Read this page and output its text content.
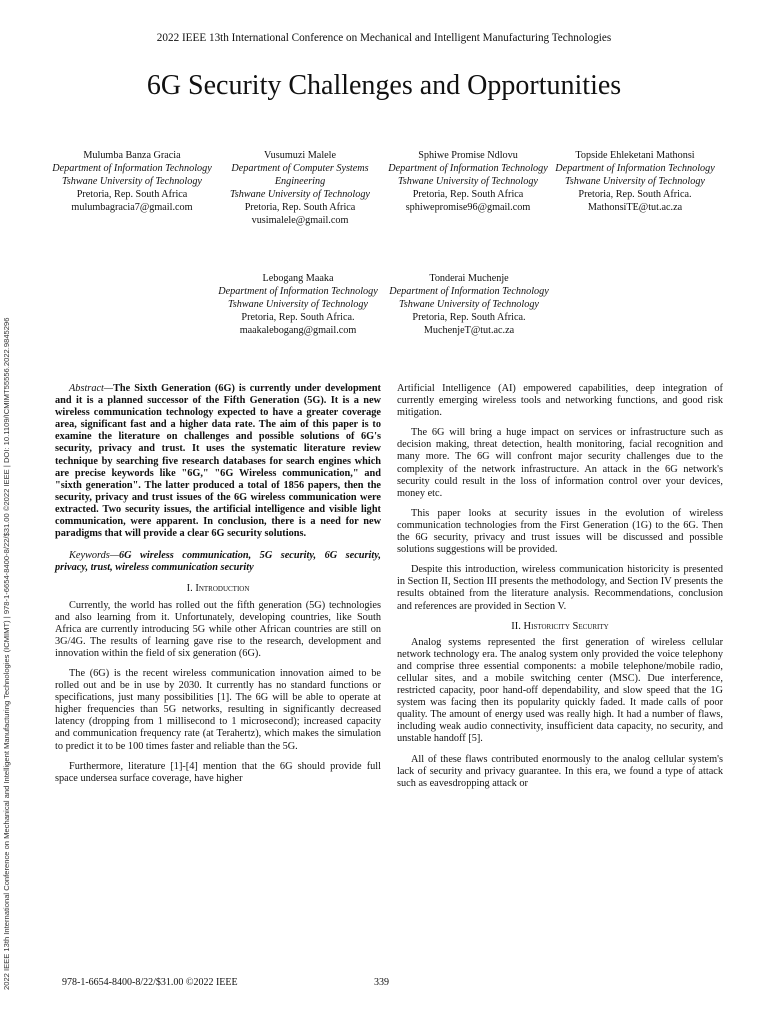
2022 IEEE 13th International Conference on Mechanical and Intelligent Manufacturing Technologies (ICMIMT) | 978-1-6654-8400-8/22/$31.00 ©2022 IEEE | DOI: 10.1109/ICMIMT55556.2022.9845296
2022 IEEE 13th International Conference on Mechanical and Intelligent Manufacturing Technologies
6G Security Challenges and Opportunities
Mulumba Banza Gracia
Department of Information Technology
Tshwane University of Technology
Pretoria, Rep. South Africa
mulumbagracia7@gmail.com
Vusumuzi Malele
Department of Computer Systems Engineering
Tshwane University of Technology
Pretoria, Rep. South Africa
vusimalele@gmail.com
Sphiwe Promise Ndlovu
Department of Information Technology
Tshwane University of Technology
Pretoria, Rep. South Africa
sphiwepromise96@gmail.com
Topside Ehleketani Mathonsi
Department of Information Technology
Tshwane University of Technology
Pretoria, Rep. South Africa.
MathonsiTE@tut.ac.za
Lebogang Maaka
Department of Information Technology
Tshwane University of Technology
Pretoria, Rep. South Africa.
maakalebogang@gmail.com
Tonderai Muchenje
Department of Information Technology
Tshwane University of Technology
Pretoria, Rep. South Africa.
MuchenjeT@tut.ac.za

Abstract—The Sixth Generation (6G) is currently under development and it is a planned successor of the Fifth Generation (5G). It is a new wireless communication technology expected to have a greater coverage area, significant fast and a higher data rate. The aim of this paper is to examine the literature on challenges and possible solutions of 6G's security, privacy and trust. It uses the systematic literature review technique by searching five research databases for search engines which are precise keywords like "6G," "6G Wireless communication," and "sixth generation". The latter produced a total of 1856 papers, then the security, privacy and trust issues of the 6G wireless communication were extracted. Two security issues, the artificial intelligence and visible light communication, were apparent. In conclusion, there is a need for new paradigms that will provide a clear 6G security solutions.

Keywords—6G wireless communication, 5G security, 6G security, privacy, trust, wireless communication security

I. Introduction

Currently, the world has rolled out the fifth generation (5G) technologies and also learning from it. Unfortunately, developing countries, like South Africa are currently introducing 5G while other African countries are still on 3G/4G. The results of learning gave rise to the research, development and innovation within the field of six generation (6G).

The (6G) is the recent wireless communication innovation aimed to be rolled out and be in use by 2030. It currently has no standard functions or specifications, just many possibilities [1]. The 6G will be able to operate at higher frequencies than 5G networks, resulting in significantly decreased latency (dropping from 1 millisecond to 1 microsecond); increased capacity and communication frequency rate (at Terahertz), which makes the simulation to predict it to be 100 times faster and reliable than the 5G.

Furthermore, literature [1]-[4] mention that the 6G should provide full space undersea surface coverage, have higher

Artificial Intelligence (AI) empowered capabilities, deep integration of currently emerging wireless tools and networking functions, and good risk mitigation.

The 6G will bring a huge impact on services or infrastructure such as decision making, threat detection, health monitoring, facial recognition and many more. The 6G will confront major security challenges due to the complexity of the network infrastructure. An attack in the 6G network's security could result in the loss of information control over your devices, money etc.

This paper looks at security issues in the evolution of wireless communication technologies from the First Generation (1G) to the 6G. Then the 6G security, privacy and trust issues will be discussed and possible solutions suggestions will be provided.

Despite this introduction, wireless communication historicity is presented in Section II, Section III presents the methodology, and Section IV presents the results obtained from the literature analysis. Recommendations, conclusion and references are provided in Section V.

II. Historicity Security

Analog systems represented the first generation of wireless cellular network technology era. The analog system only provided the voice telephony and comprise three essential components: a mobile telephone/mobile radio, cellular sites, and a mobile switching center (MSC). Due interference, restricted capacity, poor hand-off dependability, and slow speed that the 1G system was facing then its popularity quickly faded. It made calls of poor quality. The amount of energy used was really high. It had a number of flaws, including weak audio connectivity, insufficient data capacity, no security, and unstable handoff [5].

All of these flaws contributed enormously to the analog cellular system's lack of security and privacy guarantee. In this era, we found a type of attack such as eavesdropping attack or

978-1-6654-8400-8/22/$31.00 ©2022 IEEE	339
